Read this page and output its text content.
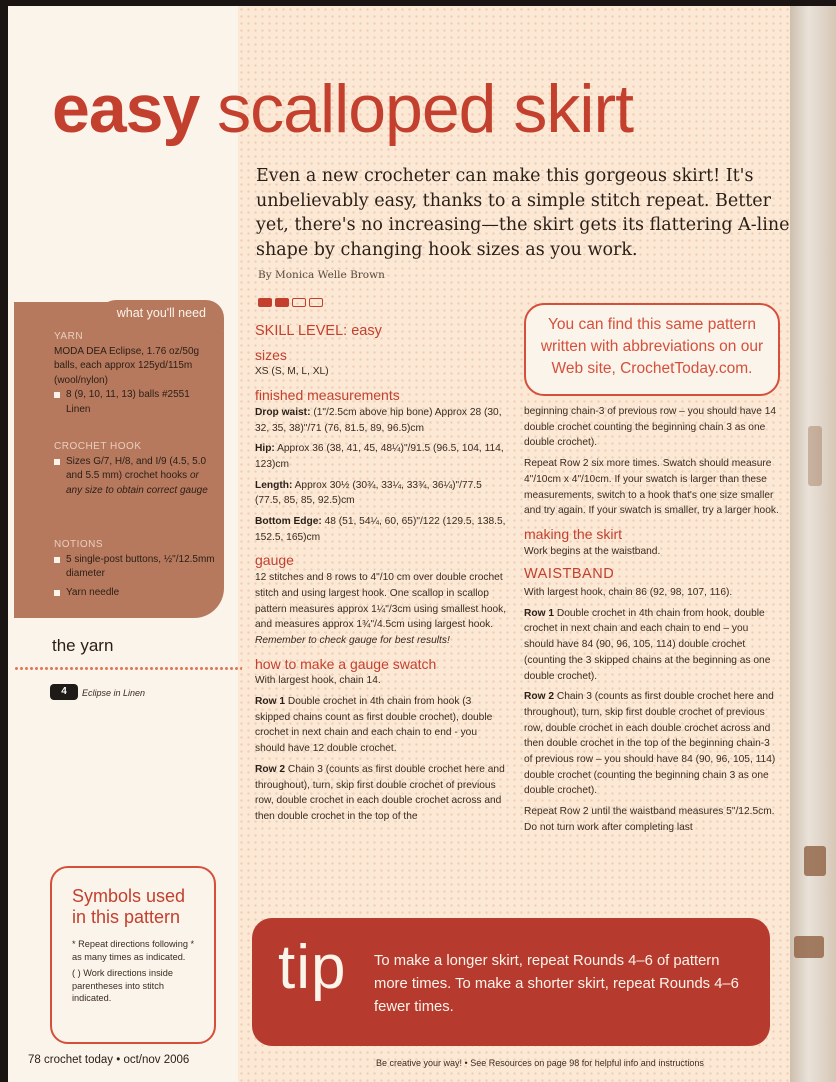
easy scalloped skirt

Even a new crocheter can make this gorgeous skirt! It's unbelievably easy, thanks to a simple stitch repeat. Better yet, there's no increasing—the skirt gets its flattering A-line shape by changing hook sizes as you work.

By Monica Welle Brown
SKILL LEVEL: easy
sizes

XS (S, M, L, XL)

finished measurements

Drop waist: (1"/2.5cm above hip bone) Approx 28 (30, 32, 35, 38)"/71 (76, 81.5, 89, 96.5)cm

Hip: Approx 36 (38, 41, 45, 48¼)"/91.5 (96.5, 104, 114, 123)cm

Length: Approx 30½ (30¾, 33¼, 33¾, 36¼)"/77.5 (77.5, 85, 85, 92.5)cm

Bottom Edge: 48 (51, 54¼, 60, 65)"/122 (129.5, 138.5, 152.5, 165)cm

gauge

12 stitches and 8 rows to 4"/10 cm over double crochet stitch and using largest hook. One scallop in scallop pattern measures approx 1¼"/3cm using smallest hook, and measures approx 1¾"/4.5cm using largest hook. Remember to check gauge for best results!

how to make a gauge swatch

With largest hook, chain 14.

Row 1 Double crochet in 4th chain from hook (3 skipped chains count as first double crochet), double crochet in next chain and each chain to end - you should have 12 double crochet.

Row 2 Chain 3 (counts as first double crochet here and throughout), turn, skip first double crochet of previous row, double crochet in each double crochet across and then double crochet in the top of the

You can find this same pattern written with abbreviations on our Web site, CrochetToday.com.

beginning chain-3 of previous row – you should have 14 double crochet counting the beginning chain 3 as one double crochet).

Repeat Row 2 six more times. Swatch should measure 4"/10cm x 4"/10cm. If your swatch is larger than these measurements, switch to a hook that's one size smaller and try again. If your swatch is smaller, try a larger hook.

making the skirt

Work begins at the waistband.

WAISTBAND

With largest hook, chain 86 (92, 98, 107, 116).

Row 1 Double crochet in 4th chain from hook, double crochet in next chain and each chain to end – you should have 84 (90, 96, 105, 114) double crochet (counting the 3 skipped chains at the beginning as one double crochet).

Row 2 Chain 3 (counts as first double crochet here and throughout), turn, skip first double crochet of previous row, double crochet in each double crochet across and then double crochet in the top of the beginning chain-3 of previous row – you should have 84 (90, 96, 105, 114) double crochet (counting the beginning chain 3 as one double crochet).

Repeat Row 2 until the waistband measures 5"/12.5cm. Do not turn work after completing last

what you'll need
YARN
MODA DEA Eclipse, 1.76 oz/50g balls, each approx 125yd/115m (wool/nylon)
8 (9, 10, 11, 13) balls #2551 Linen
CROCHET HOOK
Sizes G/7, H/8, and I/9 (4.5, 5.0 and 5.5 mm) crochet hooks or any size to obtain correct gauge
NOTIONS
5 single-post buttons, ½"/12.5mm diameter
Yarn needle
the yarn
4	Eclipse in Linen
Symbols used in this pattern

* Repeat directions following * as many times as indicated.

( ) Work directions inside parentheses into stitch indicated.	tip To make a longer skirt, repeat Rounds 4–6 of pattern more times. To make a shorter skirt, repeat Rounds 4–6 fewer times.
78 crochet today • oct/nov 2006	Be creative your way! • See Resources on page 98 for helpful info and instructions
